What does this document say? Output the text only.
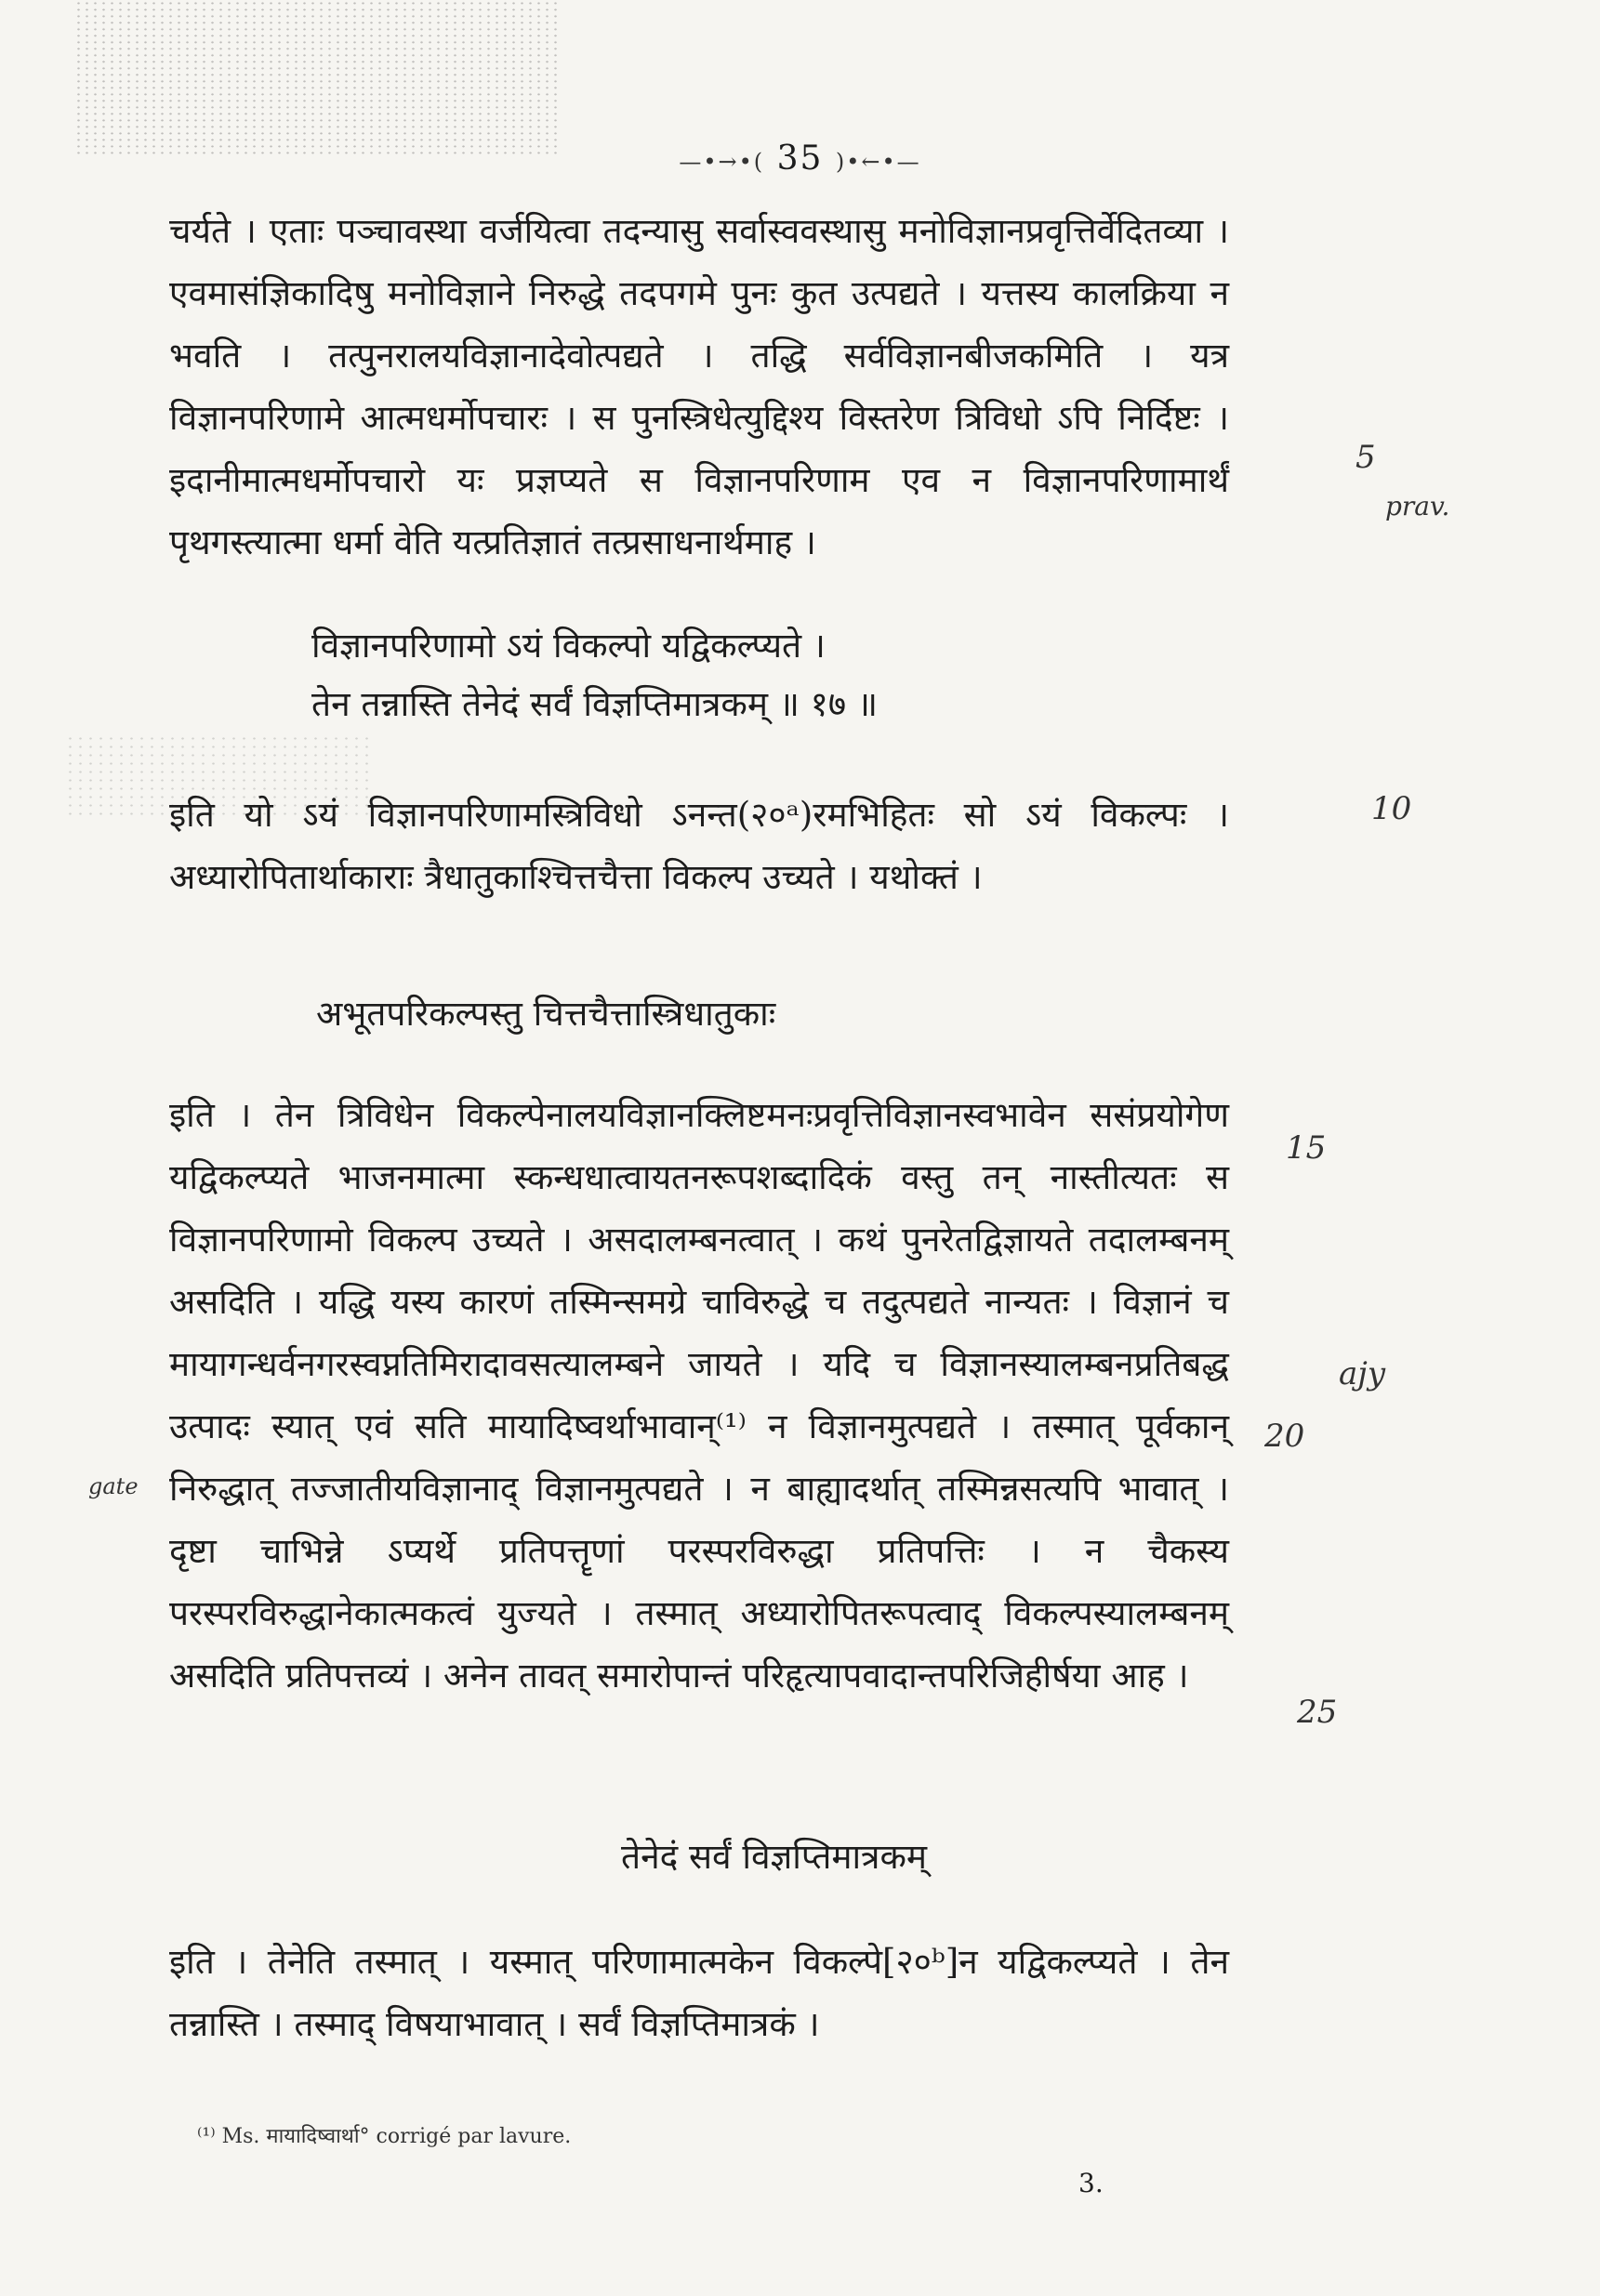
—•→•( 35 )•←•—
चर्यते । एताः पञ्चावस्था वर्जयित्वा तदन्यासु सर्वास्ववस्थासु मनोविज्ञानप्रवृत्तिर्वेदितव्या । एवमासंज्ञिकादिषु मनोविज्ञाने निरुद्धे तदपगमे पुनः कुत उत्पद्यते । यत्तस्य कालक्रिया न भवति । तत्पुनरालयविज्ञानादेवोत्पद्यते । तद्धि सर्वविज्ञानबीजकमिति । यत्र विज्ञानपरिणामे आत्मधर्मोपचारः । स पुनस्त्रिधेत्युद्दिश्य विस्तरेण त्रिविधो ऽपि निर्दिष्टः । इदानीमात्मधर्मोपचारो यः प्रज्ञप्यते स विज्ञानपरिणाम एव न विज्ञानपरिणामार्थं पृथगस्त्यात्मा धर्मा वेति यत्प्रतिज्ञातं तत्प्रसाधनार्थमाह ।
विज्ञानपरिणामो ऽयं विकल्पो यद्विकल्प्यते ।
तेन तन्नास्ति तेनेदं सर्वं विज्ञप्तिमात्रकम् ॥ १७ ॥
इति यो ऽयं विज्ञानपरिणामस्त्रिविधो ऽनन्त(२०ᵃ)रमभिहितः सो ऽयं विकल्पः । अध्यारोपितार्थाकाराः त्रैधातुकाश्चित्तचैत्ता विकल्प उच्यते । यथोक्तं ।
अभूतपरिकल्पस्तु चित्तचैत्तास्त्रिधातुकाः
इति । तेन त्रिविधेन विकल्पेनालयविज्ञानक्लिष्टमनःप्रवृत्तिविज्ञानस्वभावेन ससंप्रयोगेण यद्विकल्प्यते भाजनमात्मा स्कन्धधात्वायतनरूपशब्दादिकं वस्तु तन् नास्तीत्यतः स विज्ञानपरिणामो विकल्प उच्यते । असदालम्बनत्वात् । कथं पुनरेतद्विज्ञायते तदालम्बनम् असदिति । यद्धि यस्य कारणं तस्मिन्समग्रे चाविरुद्धे च तदुत्पद्यते नान्यतः । विज्ञानं च मायागन्धर्वनगरस्वप्नतिमिरादावसत्यालम्बने जायते । यदि च विज्ञानस्यालम्बनप्रतिबद्ध उत्पादः स्यात् एवं सति मायादिष्वर्थाभावान्⁽¹⁾ न विज्ञानमुत्पद्यते । तस्मात् पूर्वकान् निरुद्धात् तज्जातीयविज्ञानाद् विज्ञानमुत्पद्यते । न बाह्यादर्थात् तस्मिन्नसत्यपि भावात् । दृष्टा चाभिन्ने ऽप्यर्थे प्रतिपत्तॄणां परस्परविरुद्धा प्रतिपत्तिः । न चैकस्य परस्परविरुद्धानेकात्मकत्वं युज्यते । तस्मात् अध्यारोपितरूपत्वाद् विकल्पस्यालम्बनम् असदिति प्रतिपत्तव्यं । अनेन तावत् समारोपान्तं परिहृत्यापवादान्तपरिजिहीर्षया आह ।
तेनेदं सर्वं विज्ञप्तिमात्रकम्
इति । तेनेति तस्मात् । यस्मात् परिणामात्मकेन विकल्पे[२०ᵇ]न यद्विकल्प्यते । तेन तन्नास्ति । तस्माद् विषयाभावात् । सर्वं विज्ञप्तिमात्रकं ।
5
prav.
10
15
ajy
20
gate
25
⁽¹⁾ Ms. मायादिष्वार्था° corrigé par lavure.
3.
